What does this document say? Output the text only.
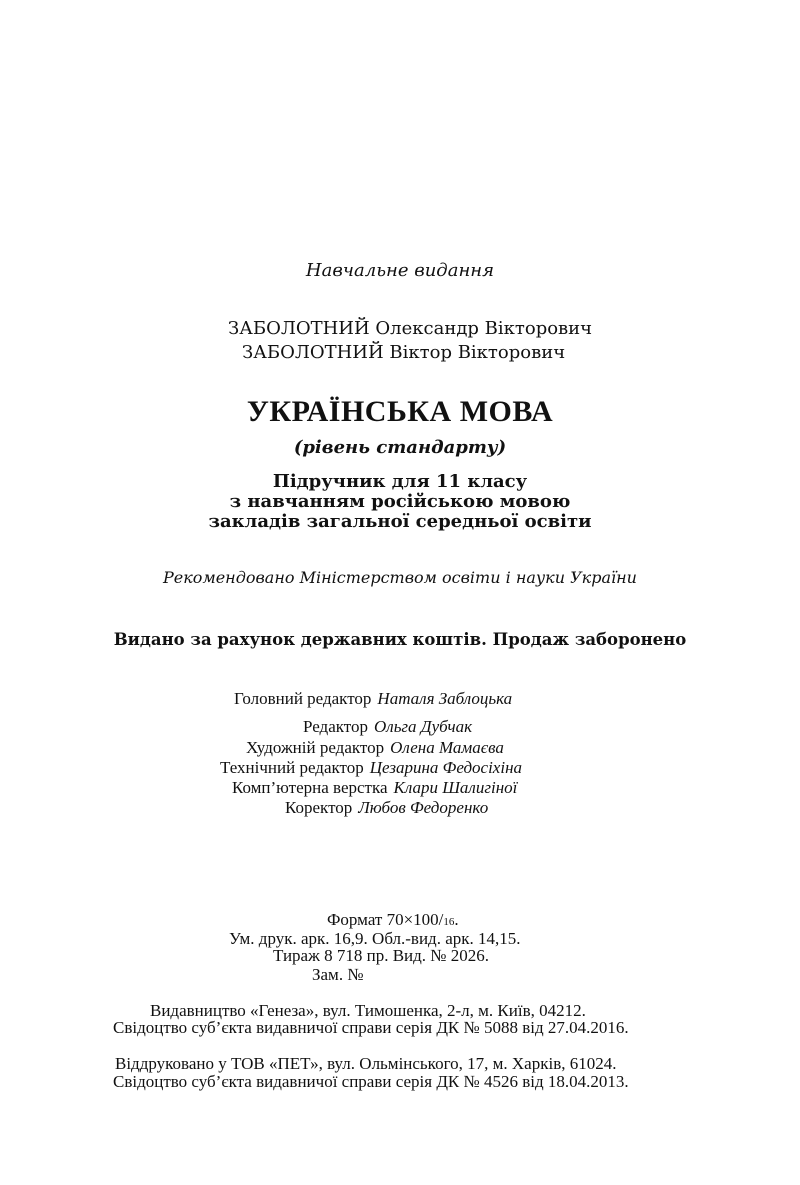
Навчальне видання
ЗАБОЛОТНИЙ Олександр Вікторович
ЗАБОЛОТНИЙ Віктор Вікторович
УКРАЇНСЬКА МОВА
(рівень стандарту)
Підручник для 11 класу
з навчанням російською мовою
закладів загальної середньої освіти
Рекомендовано Міністерством освіти і науки України
Видано за рахунок державних коштів. Продаж заборонено
Головний редактор Наталя Заблоцька
Редактор Ольга Дубчак
Художній редактор Олена Мамаєва
Технічний редактор Цезарина Федосіхіна
Комп’ютерна верстка Клари Шалигіної
Коректор Любов Федоренко
Формат 70×100/16.
Ум. друк. арк. 16,9. Обл.-вид. арк. 14,15.
Тираж 8 718 пр. Вид. № 2026.
Зам. №
Видавництво «Генеза», вул. Тимошенка, 2-л, м. Київ, 04212.
Свідоцтво суб’єкта видавничої справи серія ДК № 5088 від 27.04.2016.
Віддруковано у ТОВ «ПЕТ», вул. Ольмінського, 17, м. Харків, 61024.
Свідоцтво суб’єкта видавничої справи серія ДК № 4526 від 18.04.2013.
